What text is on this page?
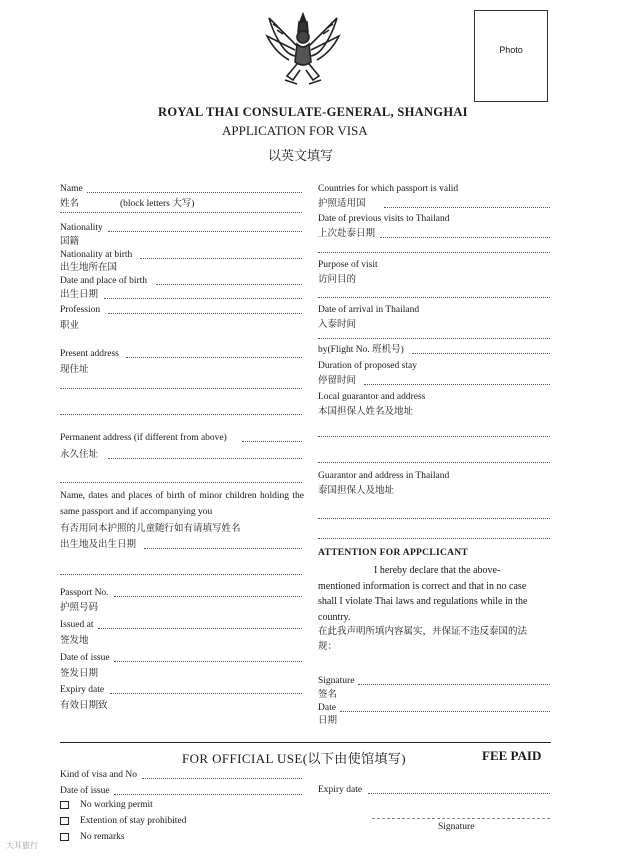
Photo
ROYAL THAI CONSULATE-GENERAL, SHANGHAI
APPLICATION FOR VISA
以英文填写
Name
姓名	(block letters 大写)
Nationality
国籍
Nationality at birth
出生地所在国
Date and place of birth
出生日期
Profession
职业
Present address
现住址
Permanent address (if different from above)
永久住址
Name, dates and places of birth of minor children holding the same passport and if accompanying you
有否用同本护照的儿童随行如有请填写姓名
出生地及出生日期
Passport No.
护照号码
Issued at
签发地
Date of issue
签发日期
Expiry date
有效日期致
Countries for which passport is valid
护照适用国
Date of previous visits to Thailand
上次赴泰日期
Purpose of visit
访问目的
Date of arrival in Thailand
入泰时间
by(Flight No. 班机号)
Duration of proposed stay
停留时间
Local guarantor and address
本国担保人姓名及地址
Guarantor and address in Thailand
泰国担保人及地址
ATTENTION FOR APPCLICANT
I hereby declare that the above-mentioned information is correct and that in no case shall I violate Thai laws and regulations while in the country.
在此我声明所填内容属实，并保证不违反泰国的法规：
Signature
签名
Date
日期
FOR OFFICIAL USE(以下由使馆填写)	FEE PAID
Kind of visa and No
Date of issue	Expiry date
No working permit
Extention of stay prohibited
No remarks
Signature
大耳旅行
